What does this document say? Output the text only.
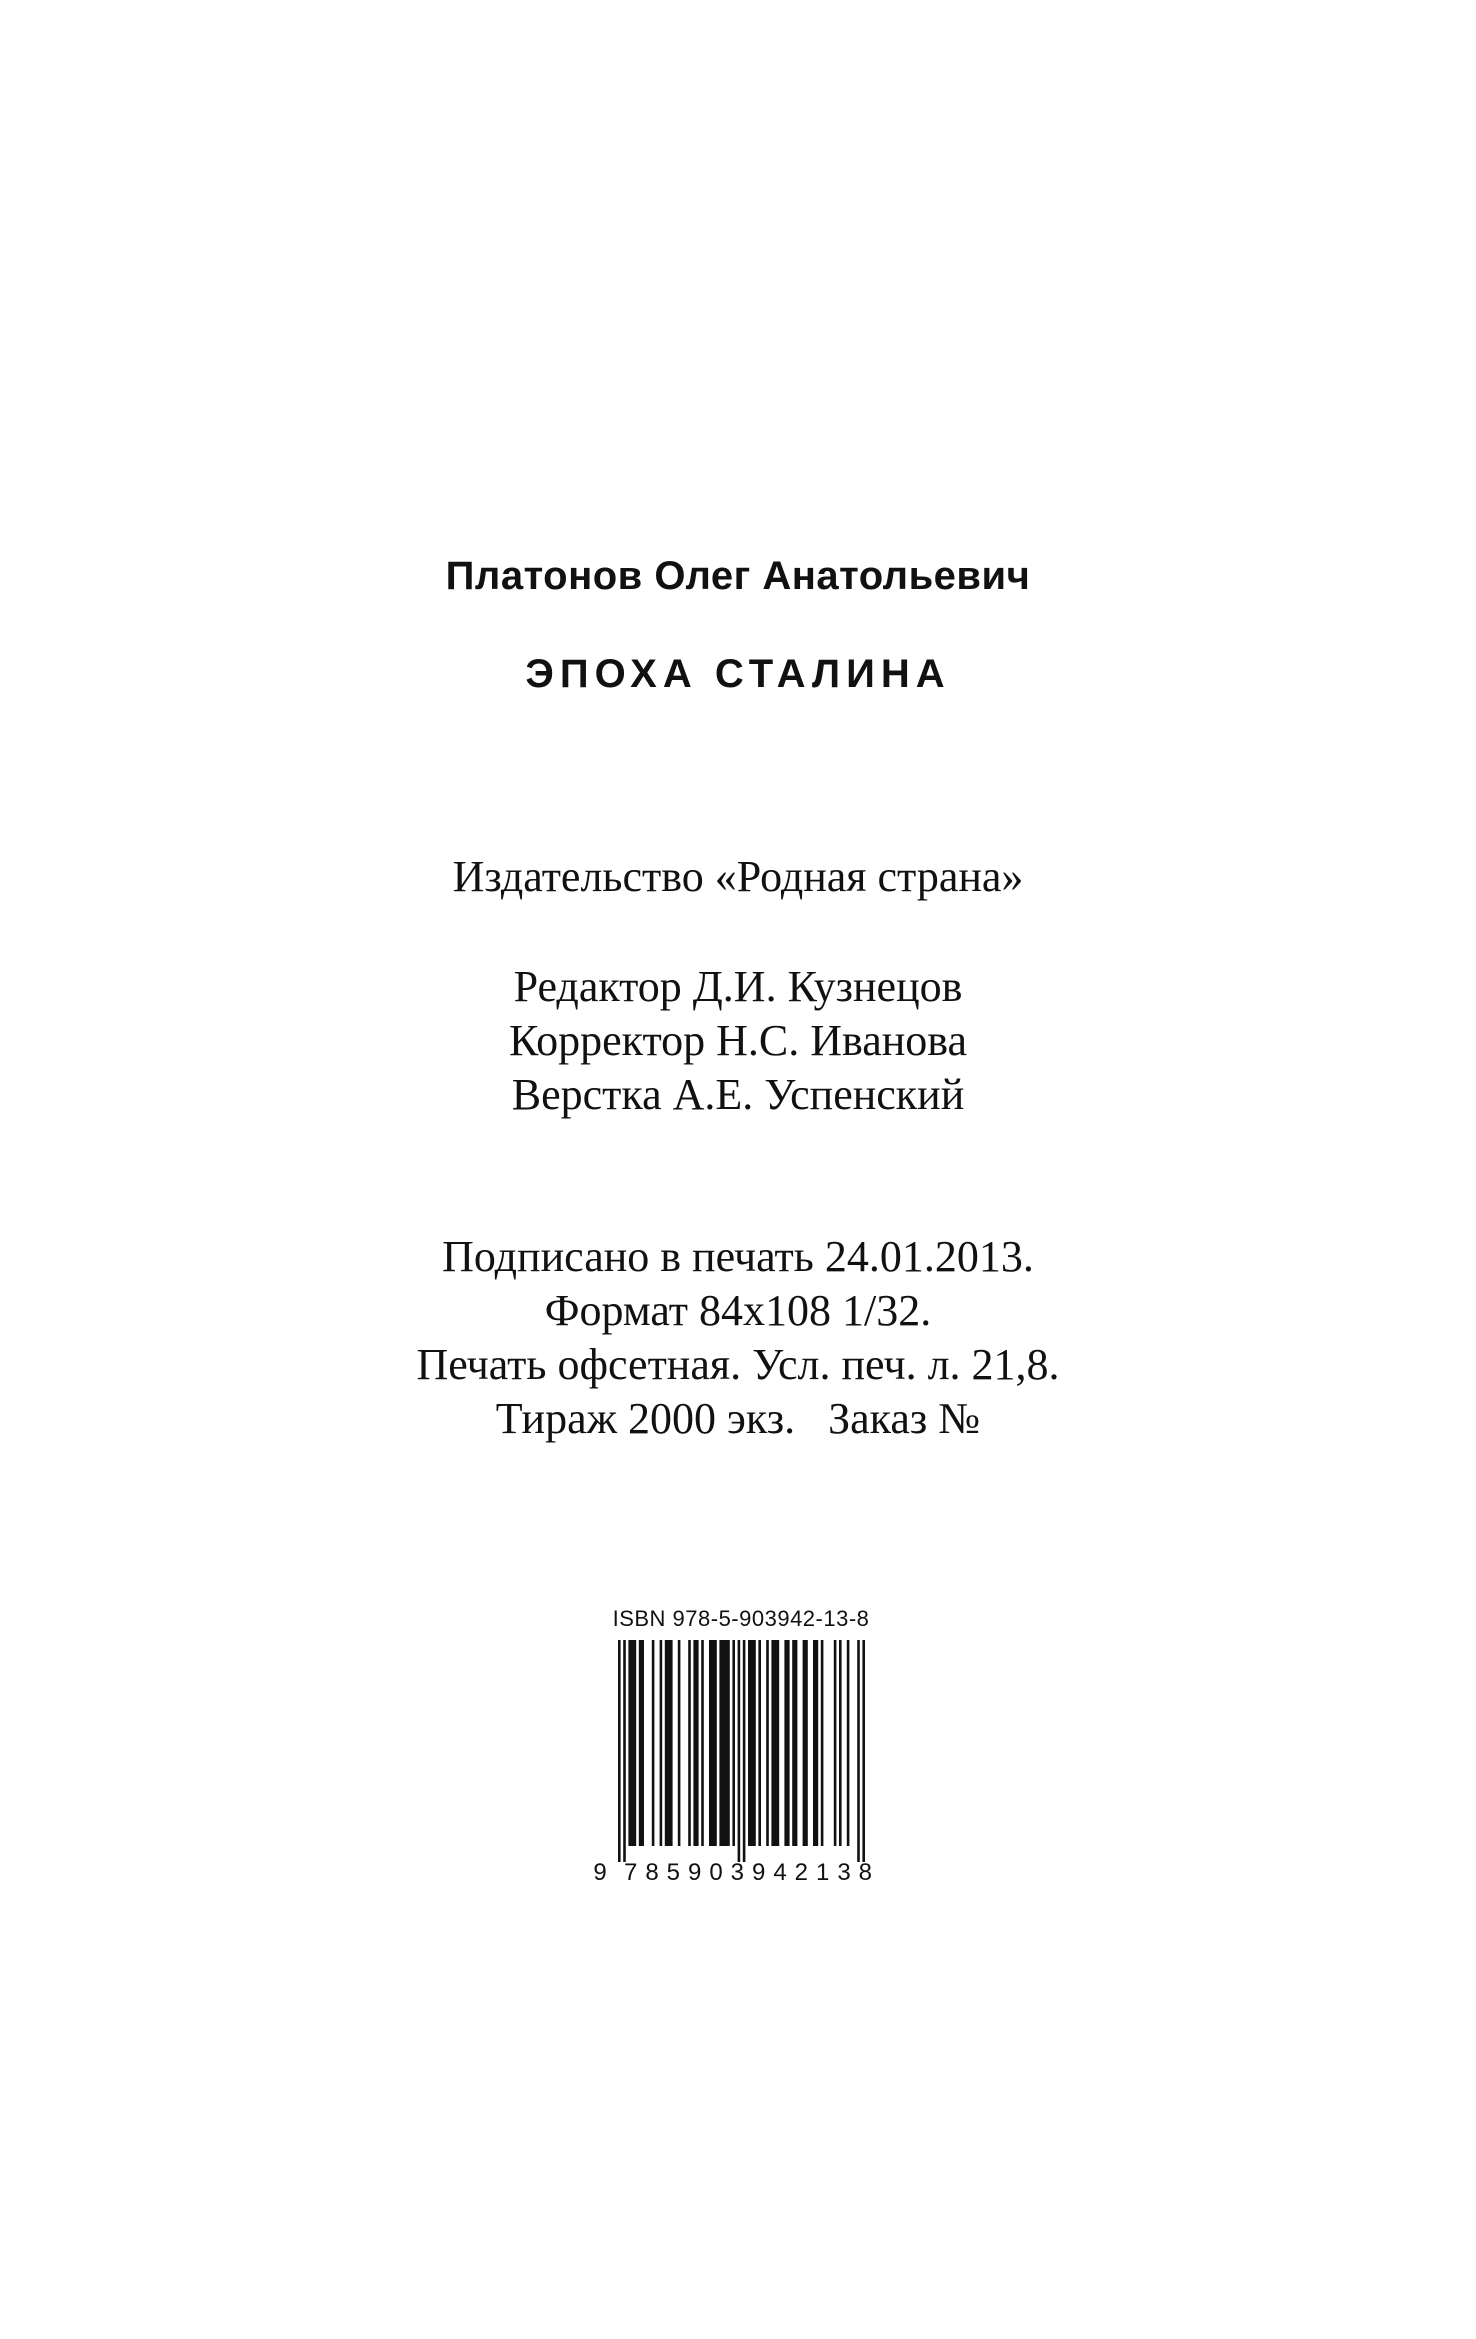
Платонов Олег Анатольевич
ЭПОХА СТАЛИНА
Издательство «Родная страна»
Редактор Д.И. Кузнецов
Корректор Н.С. Иванова
Верстка А.Е. Успенский
Подписано в печать 24.01.2013.
Формат 84x108 1/32.
Печать офсетная. Усл. печ. л. 21,8.
Тираж 2000 экз.   Заказ №
ISBN 978-5-903942-13-8
9 785903 942138
